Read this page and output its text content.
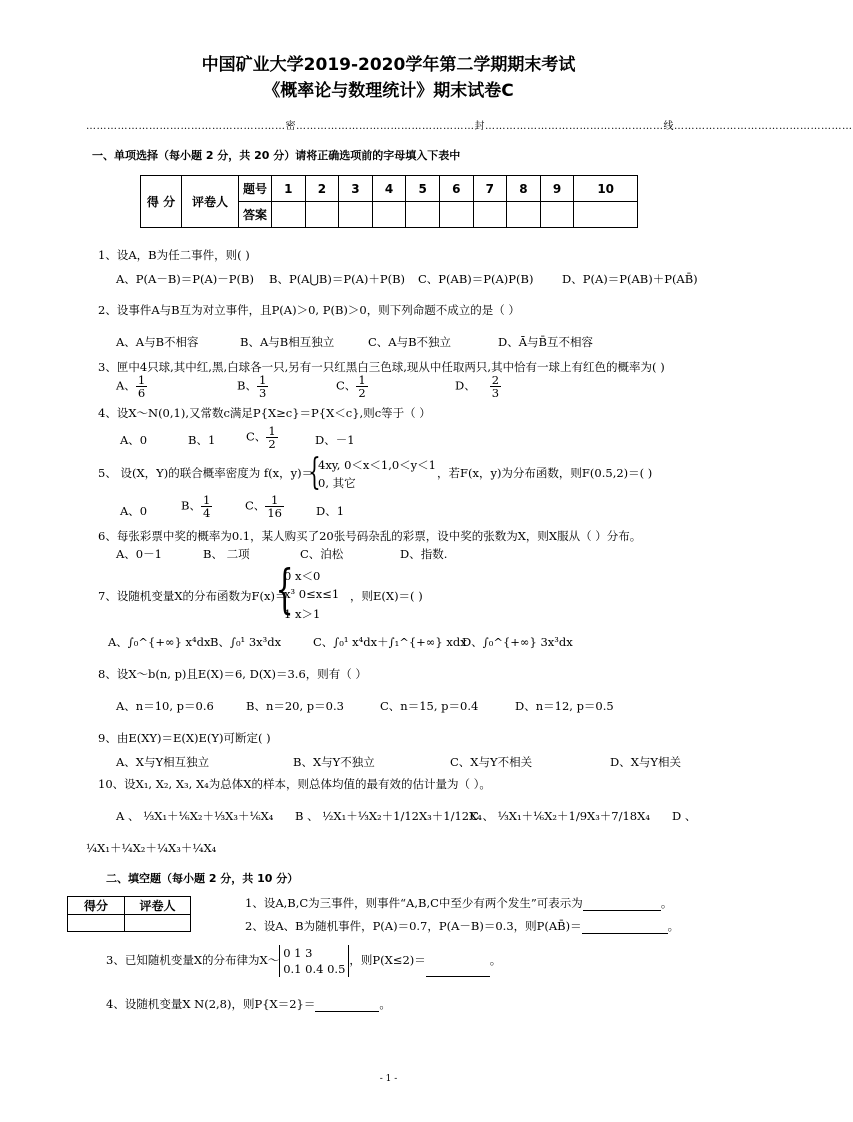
中国矿业大学2019-2020学年第二学期期末考试
《概率论与数理统计》期末试卷C
…………………………………………………密……………………………………………封……………………………………………线……………………………………………
一、单项选择（每小题 2 分，共 20 分）请将正确选项前的字母填入下表中
得 分	评卷人	题号	1	2	3	4	5	6	7	8	9	10
		答案										
1、设A，B为任二事件，则( )
A、P(A－B)＝P(A)－P(B) B、P(A⋃B)＝P(A)＋P(B) C、P(AB)＝P(A)P(B) D、P(A)＝P(AB)＋P(AB̄)
2、设事件A与B互为对立事件，且P(A)＞0, P(B)＞0，则下列命题不成立的是（ ）
A、A与B不相容	B、A与B相互独立	C、A与B不独立	D、Ā与B̄互不相容
3、匣中4只球,其中红,黑,白球各一只,另有一只红黑白三色球,现从中任取两只,其中恰有一球上有红色的概率为( )
A、 $\frac{1}{6}$	B、 $\frac{1}{3}$	C、 $\frac{1}{2}$	D、 $\frac{2}{3}$
4、设X～N(0,1),又常数c满足P{X≥c}＝P{X＜c},则c等于（ ）
A、0	B、1	C、 $\frac{1}{2}$	D、－1
5、 设(X，Y)的联合概率密度为 f(x，y)＝
{
4xy, 0＜x＜1,0＜y＜1
0, 其它
，若F(x，y)为分布函数，则F(0.5,2)＝( )
A、0	B、 $\frac{1}{4}$	C、 $\frac{1}{16}$	D、1
6、每张彩票中奖的概率为0.1，某人购买了20张号码杂乱的彩票，设中奖的张数为X，则X服从（ ）分布。
A、0－1	B、 二项	C、泊松	D、指数.
7、设随机变量X的分布函数为F(x)＝
{
0 x＜0
x³ 0≤x≤1
1 x＞1
，则E(X)＝( )
A、∫₀^{+∞} x⁴dx B、∫₀¹ 3x³dx	C、∫₀¹ x⁴dx＋∫₁^{+∞} xdx
D、∫₀^{+∞} 3x³dx
8、设X～b(n, p)且E(X)＝6, D(X)＝3.6，则有（ ）
A、n＝10, p＝0.6	B、n＝20, p＝0.3	C、n＝15, p＝0.4	D、n＝12, p＝0.5
9、由E(XY)＝E(X)E(Y)可断定( )
A、X与Y相互独立	B、X与Y不独立	C、X与Y不相关	D、X与Y相关
10、设X₁, X₂, X₃, X₄为总体X的样本，则总体均值的最有效的估计量为（ ）。
A 、 ⅓X₁＋⅙X₂＋⅓X₃＋⅙X₄ B 、 ½X₁＋⅓X₂＋1/12X₃＋1/12X₄
C 、 ⅓X₁＋⅙X₂＋1/9X₃＋7/18X₄ D 、
¼X₁＋¼X₂＋¼X₃＋¼X₄
二、填空题（每小题 2 分，共 10 分）
得分	评卷人
		1、设A,B,C为三事件，则事件“A,B,C中至少有两个发生”可表示为	。
2、设A、B为随机事件，P(A)＝0.7，P(A－B)＝0.3，则P(AB̄)＝	。
3、已知随机变量X的分布律为X～ 0 1 3
0.1 0.4 0.5
，则P(X≤2)＝	。
4、设随机变量X N(2,8)，则P{X＝2}＝	。
- 1 -
